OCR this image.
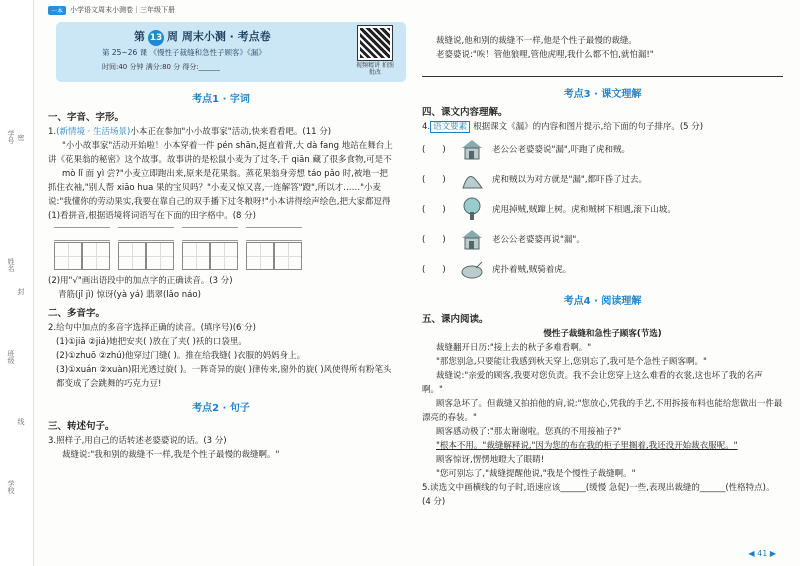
学号
姓名
班级
学校
密
封
线
一本	小学语文周末小测卷｜三年级下册
第 13 周 周末小测 · 考点卷
第 25~26 课 《慢性子裁缝和急性子顾客》《漏》
时间:40 分钟 满分:80 分 得分:______	视频精讲 拍照批改
考点1 · 字词
一、字音、字形。
1.(新情境 · 生活场景)小本正在参加"小小故事家"活动,快来看看吧。(11 分)
"小小故事家"活动开始啦！小本穿着一件 pén shān,挺直着背,大 dà fang 地站在舞台上讲《花果翁的秘密》这个故事。故事讲的是松鼠小麦为了过冬,千 qiān 藏了很多食物,可是不
mò lǐ 面 yì 尝?"小麦立即跑出来,原来是花果翁。蒸花果翁身旁想 táo pǎo 时,被地一把抓住衣袖,"别人帮 xiāo hua 果的宝贝吗？"小麦又惊又喜,一连解答"蹬",所以才……"小麦说:"我懂你的劳动果实,我要在靠自己的双手播下过冬粮呀!"小本讲得绘声绘色,把大家都逗得
(1)看拼音,根据语境将词语写在下面的田字格中。(8 分)
(2)用"√"画出语段中的加点字的正确读音。(3 分)
青筋(jǐ jì) 惊讶(yà yá) 翡翠(lǎo náo)
二、多音字。
2.给句中加点的多音字选择正确的读音。(填序号)(6 分)
(1)①jiā ②jiá)她把安夹( )放在了夹( )袄的口袋里。
(2)①zhuō ②zhú)他穿过门缝( )。推在给我缝( )衣服的妈妈身上。
(3)①xuán ②xuàn)阳光透过旋( )。一阵奇异的旋( )律传来,窗外的旋( )风使得所有粉笔头都变成了会跳舞的巧克力豆!
考点2 · 句子
三、转述句子。
3.照样子,用自己的话转述老婆婆说的话。(3 分)
裁缝说:"我和别的裁缝不一样,我是个性子最慢的裁缝啊。"
裁缝说,他和别的裁缝不一样,他是个性子最慢的裁缝。
老婆婆说:"唉！管他狼哩,管他虎哩,我什么都不怕,就怕漏!"
考点3 · 课文理解
四、课文内容理解。
4. 语文要素 根据课文《漏》的内容和图片提示,给下面的句子排序。(5 分)
(　　)	老公公老婆婆说"漏",吓跑了虎和贼。
(　　)	虎和贼以为对方就是"漏",都吓昏了过去。
(　　)	虎甩掉贼,贼蹿上树。虎和贼树下相遇,滚下山坡。
(　　)	老公公老婆婆再说"漏"。
(　　)	虎扑着贼,贼骑着虎。
考点4 · 阅读理解
五、课内阅读。
慢性子裁缝和急性子顾客(节选)
裁缝翻开日历:"接上去的秋子多难看啊。"
"那您别急,只要能让我感到秋天穿上,您别忘了,我可是个急性子顾客啊。"
裁缝说:"亲爱的顾客,我要对您负责。我不会让您穿上这么难看的衣裳,这也坏了我的名声啊。"
顾客急坏了。但裁缝又拍拍他的肩,说:"您放心,凭我的手艺,不用拆接布料也能给您做出一件最漂亮的春装。"
顾客感动极了:"那太谢谢啦。您真的不用接袖子?"
"根本不用。"裁缝解释说,"因为您的布在我的柜子里搁着,我还没开始裁衣服呢。"
顾客惊讶,愣愣地瞪大了眼睛!
"您可别忘了,"裁缝提醒他说,"我是个慢性子裁缝啊。"
5.读选文中画横线的句子时,语速应该______(缓慢 急促)一些,表现出裁缝的______(性格特点)。(4 分)
◀ 41 ▶
